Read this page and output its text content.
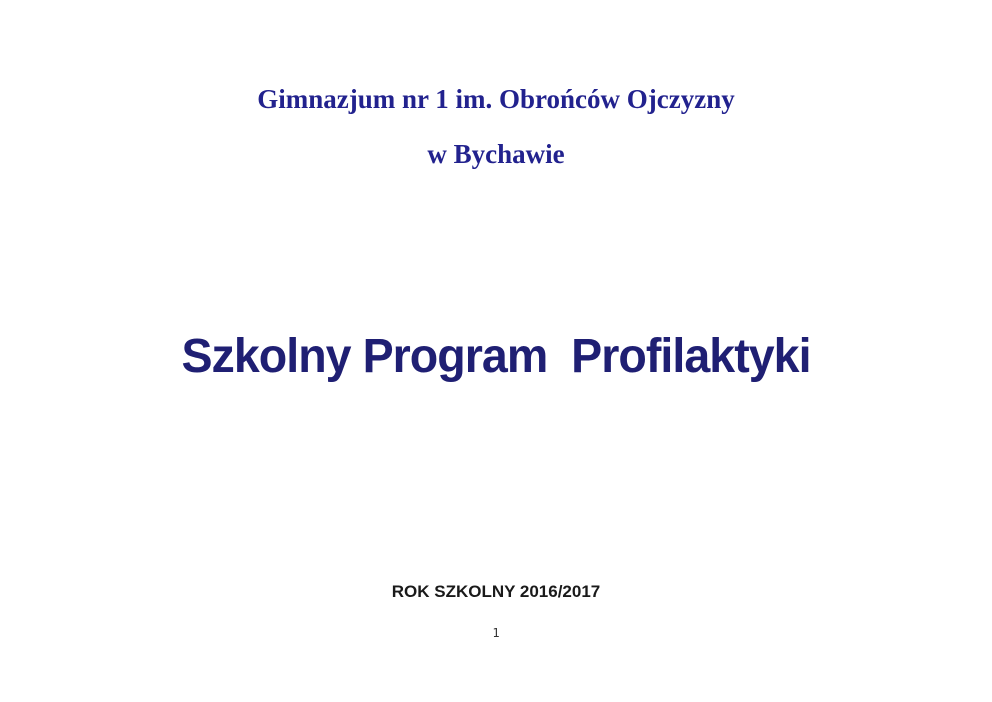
Gimnazjum nr 1 im. Obrońców Ojczyzny
w Bychawie
Szkolny Program  Profilaktyki
ROK SZKOLNY 2016/2017
1
